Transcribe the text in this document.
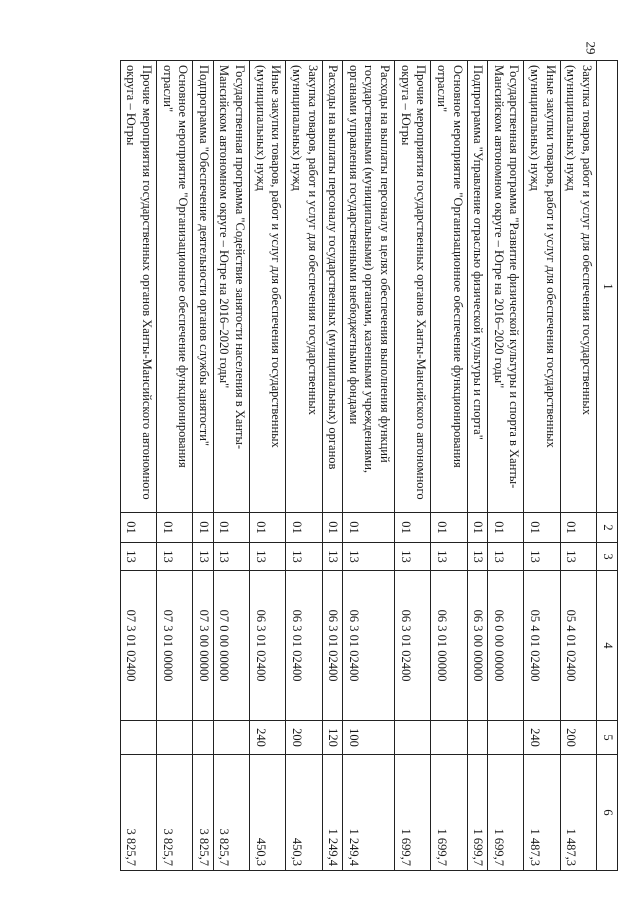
29
1	2	3	4	5	6
Закупка товаров, работ и услуг для обеспечения государственных (муниципальных) нужд	01	13	05 4 01 02400	200	1 487,3
Иные закупки товаров, работ и услуг для обеспечения государственных (муниципальных) нужд	01	13	05 4 01 02400	240	1 487,3
Государственная программа "Развитие физической культуры и спорта в Ханты-Мансийском автономном округе – Югре на 2016–2020 годы"	01	13	06 0 00 00000		1 699,7
Подпрограмма "Управление отраслью физической культуры и спорта"	01	13	06 3 00 00000		1 699,7
Основное мероприятие "Организационное обеспечение функционирования отрасли"	01	13	06 3 01 00000		1 699,7
Прочие мероприятия государственных органов Ханты-Мансийского автономного округа – Югры	01	13	06 3 01 02400		1 699,7
Расходы на выплаты персоналу в целях обеспечения выполнения функций государственными (муниципальными) органами, казенными учреждениями, органами управления государственными внебюджетными фондами	01	13	06 3 01 02400	100	1 249,4
Расходы на выплаты персоналу государственных (муниципальных) органов	01	13	06 3 01 02400	120	1 249,4
Закупка товаров, работ и услуг для обеспечения государственных (муниципальных) нужд	01	13	06 3 01 02400	200	450,3
Иные закупки товаров, работ и услуг для обеспечения государственных (муниципальных) нужд	01	13	06 3 01 02400	240	450,3
Государственная программа "Содействие занятости населения в Ханты-Мансийском автономном округе – Югре на 2016–2020 годы"	01	13	07 0 00 00000		3 825,7
Подпрограмма "Обеспечение деятельности органов службы занятости"	01	13	07 3 00 00000		3 825,7
Основное мероприятие "Организационное обеспечение функционирования отрасли"	01	13	07 3 01 00000		3 825,7
Прочие мероприятия государственных органов Ханты-Мансийского автономного округа – Югры	01	13	07 3 01 02400		3 825,7
